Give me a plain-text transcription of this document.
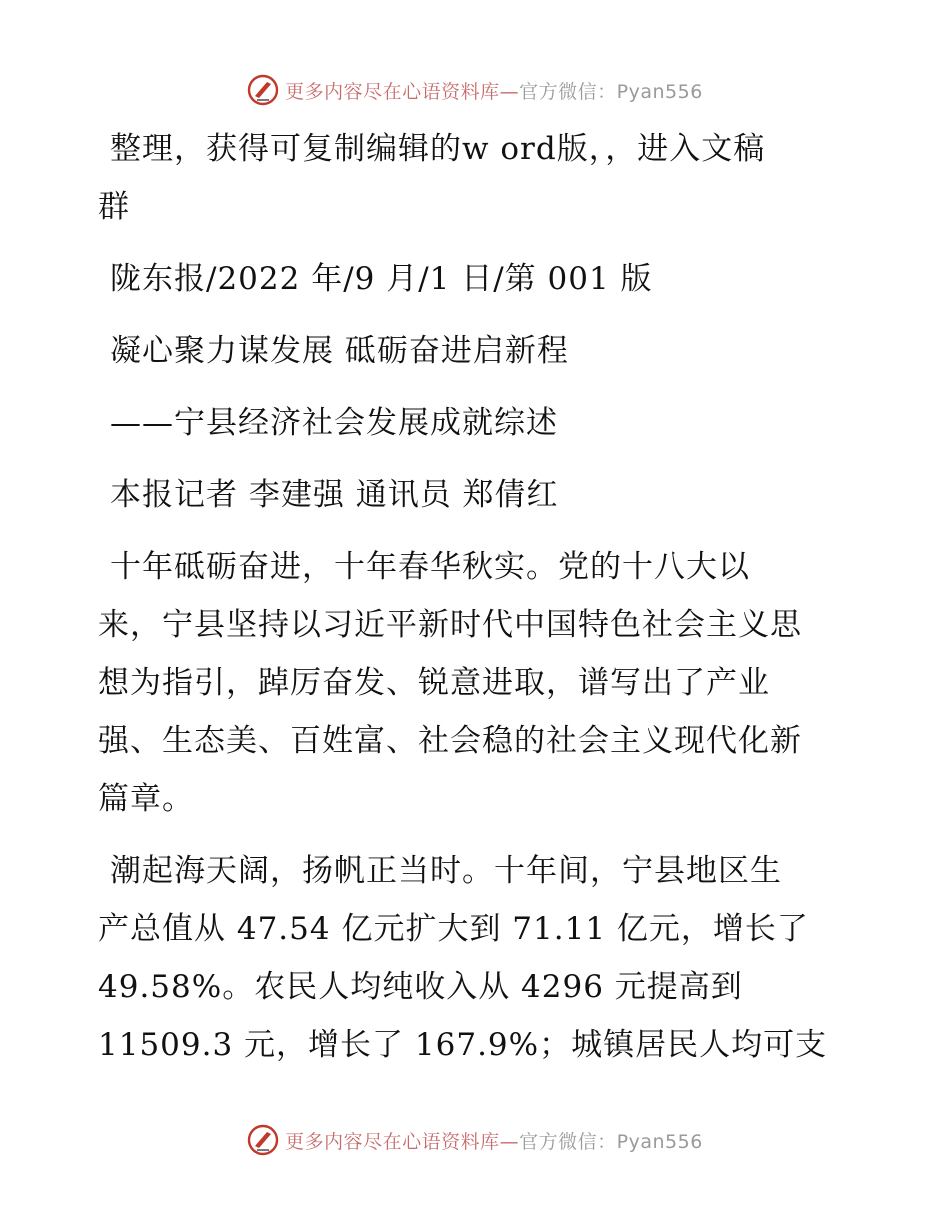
更多内容尽在心语资料库—官方微信：Pyan556
整理，获得可复制编辑的w ord版，，进入文稿
群
陇东报/2022 年/9 月/1 日/第 001 版
凝心聚力谋发展 砥砺奋进启新程
——宁县经济社会发展成就综述
本报记者 李建强 通讯员 郑倩红
十年砥砺奋进，十年春华秋实。党的十八大以
来，宁县坚持以习近平新时代中国特色社会主义思
想为指引，踔厉奋发、锐意进取，谱写出了产业
强、生态美、百姓富、社会稳的社会主义现代化新
篇章。
潮起海天阔，扬帆正当时。十年间，宁县地区生
产总值从 47.54 亿元扩大到 71.11 亿元，增长了
49.58%。农民人均纯收入从 4296 元提高到
11509.3 元，增长了 167.9%；城镇居民人均可支
更多内容尽在心语资料库—官方微信：Pyan556
